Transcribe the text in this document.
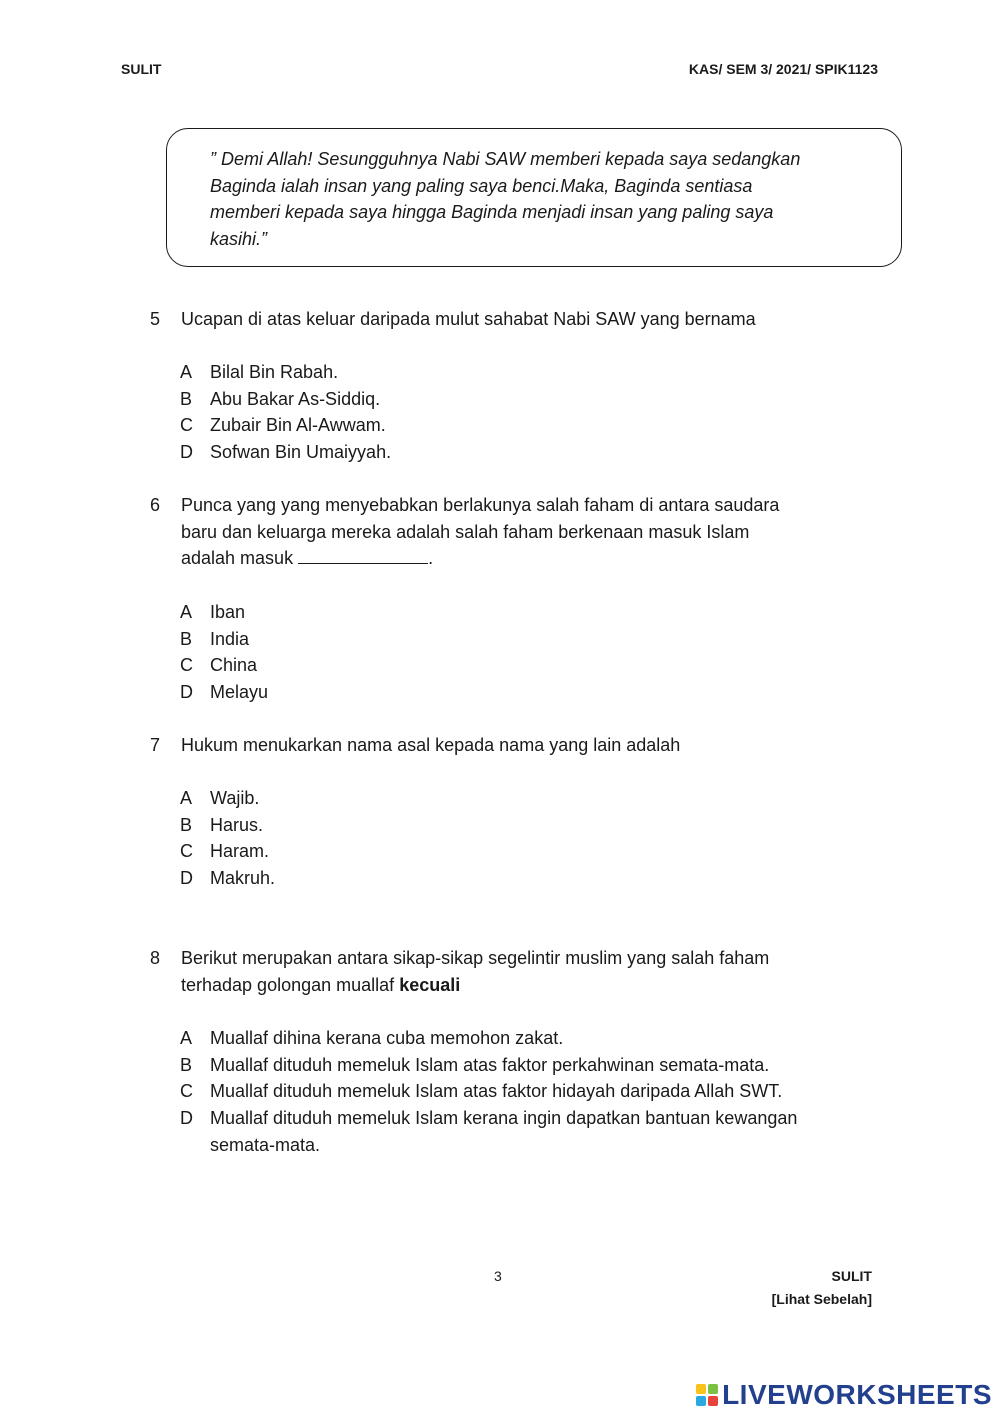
SULIT	KAS/ SEM 3/ 2021/ SPIK1123
” Demi Allah! Sesungguhnya Nabi SAW memberi kepada saya sedangkan
Baginda ialah insan yang paling saya benci.Maka, Baginda sentiasa
memberi kepada saya hingga Baginda menjadi insan yang paling saya
kasihi.”
5 Ucapan di atas keluar daripada mulut sahabat Nabi SAW yang bernama
A Bilal Bin Rabah.
B Abu Bakar As-Siddiq.
C Zubair Bin Al-Awwam.
D Sofwan Bin Umaiyyah.
6 Punca yang yang menyebabkan berlakunya salah faham di antara saudara
baru dan keluarga mereka adalah salah faham berkenaan masuk Islam
adalah masuk	.
A Iban
B India
C China
D Melayu
7 Hukum menukarkan nama asal kepada nama yang lain adalah
A Wajib.
B Harus.
C Haram.
D Makruh.
8 Berikut merupakan antara sikap-sikap segelintir muslim yang salah faham
terhadap golongan muallaf kecuali
A Muallaf dihina kerana cuba memohon zakat.
B Muallaf dituduh memeluk Islam atas faktor perkahwinan semata-mata.
C Muallaf dituduh memeluk Islam atas faktor hidayah daripada Allah SWT.
D Muallaf dituduh memeluk Islam kerana ingin dapatkan bantuan kewangan
semata-mata.
3	SULIT
[Lihat Sebelah]
LIVEWORKSHEETS
